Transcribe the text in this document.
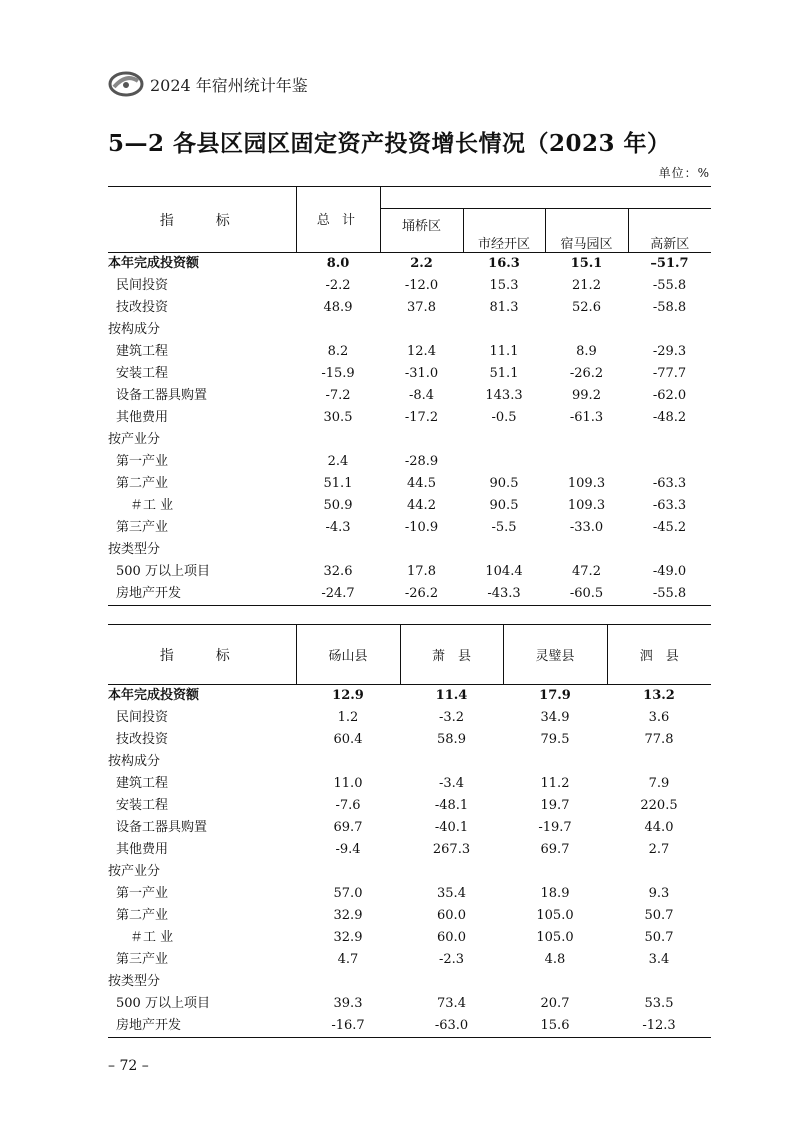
2024 年宿州统计年鉴
5—2 各县区园区固定资产投资增长情况（2023 年）
单位：%
指　标	总 计				
		埇桥区	市经开区	宿马园区	高新区
本年完成投资额	8.0	2.2	16.3	15.1	–51.7
民间投资	-2.2	-12.0	15.3	21.2	-55.8
技改投资	48.9	37.8	81.3	52.6	-58.8
按构成分					
建筑工程	8.2	12.4	11.1	8.9	-29.3
安装工程	-15.9	-31.0	51.1	-26.2	-77.7
设备工器具购置	-7.2	-8.4	143.3	99.2	-62.0
其他费用	30.5	-17.2	-0.5	-61.3	-48.2
按产业分					
第一产业	2.4	-28.9			
第二产业	51.1	44.5	90.5	109.3	-63.3
＃工 业	50.9	44.2	90.5	109.3	-63.3
第三产业	-4.3	-10.9	-5.5	-33.0	-45.2
按类型分					
500 万以上项目	32.6	17.8	104.4	47.2	-49.0
房地产开发	-24.7	-26.2	-43.3	-60.5	-55.8
指　标	砀山县	萧　县	灵璧县	泗　县
本年完成投资额	12.9	11.4	17.9	13.2
民间投资	1.2	-3.2	34.9	3.6
技改投资	60.4	58.9	79.5	77.8
按构成分				
建筑工程	11.0	-3.4	11.2	7.9
安装工程	-7.6	-48.1	19.7	220.5
设备工器具购置	69.7	-40.1	-19.7	44.0
其他费用	-9.4	267.3	69.7	2.7
按产业分				
第一产业	57.0	35.4	18.9	9.3
第二产业	32.9	60.0	105.0	50.7
＃工 业	32.9	60.0	105.0	50.7
第三产业	4.7	-2.3	4.8	3.4
按类型分				
500 万以上项目	39.3	73.4	20.7	53.5
房地产开发	-16.7	-63.0	15.6	-12.3
– 72 –
